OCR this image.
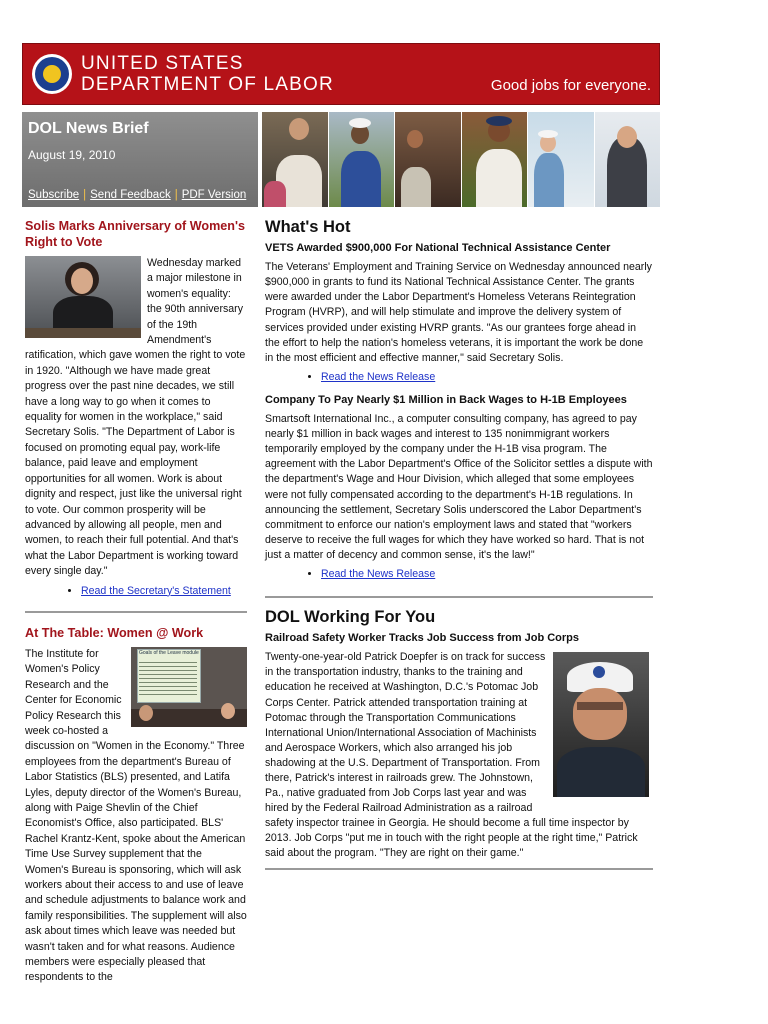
UNITED STATES
DEPARTMENT OF LABOR	Good jobs for everyone.
DOL News Brief
August 19, 2010
Subscribe | Send Feedback | PDF Version
Solis Marks Anniversary of Women's Right to Vote

Wednesday marked a major milestone in women's equality: the 90th anniversary of the 19th Amendment's ratification, which gave women the right to vote in 1920. "Although we have made great progress over the past nine decades, we still have a long way to go when it comes to equality for women in the workplace," said Secretary Solis. "The Department of Labor is focused on promoting equal pay, work-life balance, paid leave and employment opportunities for all women. Work is about dignity and respect, just like the universal right to vote. Our common prosperity will be advanced by allowing all people, men and women, to reach their full potential. And that's what the Labor Department is working toward every single day."

• Read the Secretary's Statement
At The Table: Women @ Work
Goals of the Leave module

The Institute for Women's Policy Research and the Center for Economic Policy Research this week co-hosted a discussion on "Women in the Economy." Three employees from the department's Bureau of Labor Statistics (BLS) presented, and Latifa Lyles, deputy director of the Women's Bureau, along with Paige Shevlin of the Chief Economist's Office, also participated. BLS' Rachel Krantz-Kent, spoke about the American Time Use Survey supplement that the Women's Bureau is sponsoring, which will ask workers about their access to and use of leave and schedule adjustments to balance work and family responsibilities. The supplement will also ask about times which leave was needed but wasn't taken and for what reasons. Audience members were especially pleased that respondents to the

What's Hot
VETS Awarded $900,000 For National Technical Assistance Center

The Veterans' Employment and Training Service on Wednesday announced nearly $900,000 in grants to fund its National Technical Assistance Center. The grants were awarded under the Labor Department's Homeless Veterans Reintegration Program (HVRP), and will help stimulate and improve the delivery system of services provided under existing HVRP grants. "As our grantees forge ahead in the effort to help the nation's homeless veterans, it is important the work be done in the most efficient and effective manner," said Secretary Solis.

• Read the News Release
Company To Pay Nearly $1 Million in Back Wages to H-1B Employees

Smartsoft International Inc., a computer consulting company, has agreed to pay nearly $1 million in back wages and interest to 135 nonimmigrant workers temporarily employed by the company under the H-1B visa program. The agreement with the Labor Department's Office of the Solicitor settles a dispute with the department's Wage and Hour Division, which alleged that some employees were not fully compensated according to the department's H-1B regulations. In announcing the settlement, Secretary Solis underscored the Labor Department's commitment to enforce our nation's employment laws and stated that "workers deserve to receive the full wages for which they have worked so hard. That is not just a matter of decency and common sense, it's the law!"

• Read the News Release
DOL Working For You
Railroad Safety Worker Tracks Job Success from Job Corps

Twenty-one-year-old Patrick Doepfer is on track for success in the transportation industry, thanks to the training and education he received at Washington, D.C.'s Potomac Job Corps Center. Patrick attended transportation training at Potomac through the Transportation Communications International Union/International Association of Machinists and Aerospace Workers, which also arranged his job shadowing at the U.S. Department of Transportation. From there, Patrick's interest in railroads grew. The Johnstown, Pa., native graduated from Job Corps last year and was hired by the Federal Railroad Administration as a railroad safety inspector trainee in Georgia. He should become a full time inspector by 2013. Job Corps "put me in touch with the right people at the right time," Patrick said about the program. "They are right on their game."
